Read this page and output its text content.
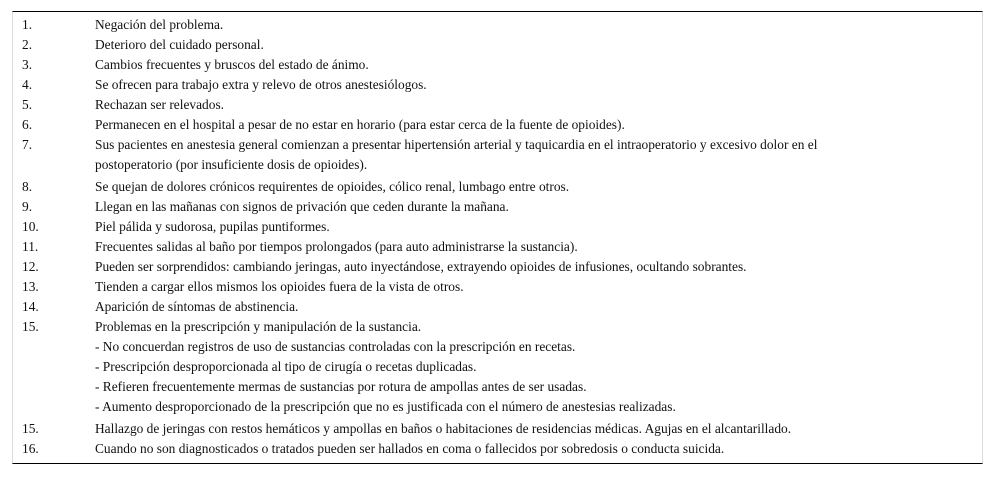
1.	Negación del problema.

2.	Deterioro del cuidado personal.

3.	Cambios frecuentes y bruscos del estado de ánimo.

4.	Se ofrecen para trabajo extra y relevo de otros anestesiólogos.

5.	Rechazan ser relevados.

6.	Permanecen en el hospital a pesar de no estar en horario (para estar cerca de la fuente de opioides).

7.	Sus pacientes en anestesia general comienzan a presentar hipertensión arterial y taquicardia en el intraoperatorio y excesivo dolor en el
postoperatorio (por insuficiente dosis de opioides).

8.	Se quejan de dolores crónicos requirentes de opioides, cólico renal, lumbago entre otros.

9.	Llegan en las mañanas con signos de privación que ceden durante la mañana.

10.	Piel pálida y sudorosa, pupilas puntiformes.

11.	Frecuentes salidas al baño por tiempos prolongados (para auto administrarse la sustancia).

12.	Pueden ser sorprendidos: cambiando jeringas, auto inyectándose, extrayendo opioides de infusiones, ocultando sobrantes.

13.	Tienden a cargar ellos mismos los opioides fuera de la vista de otros.

14.	Aparición de síntomas de abstinencia.

15.	Problemas en la prescripción y manipulación de la sustancia.
- No concuerdan registros de uso de sustancias controladas con la prescripción en recetas.
- Prescripción desproporcionada al tipo de cirugía o recetas duplicadas.
- Refieren frecuentemente mermas de sustancias por rotura de ampollas antes de ser usadas.
- Aumento desproporcionado de la prescripción que no es justificada con el número de anestesias realizadas.

15.	Hallazgo de jeringas con restos hemáticos y ampollas en baños o habitaciones de residencias médicas. Agujas en el alcantarillado.

16.	Cuando no son diagnosticados o tratados pueden ser hallados en coma o fallecidos por sobredosis o conducta suicida.
